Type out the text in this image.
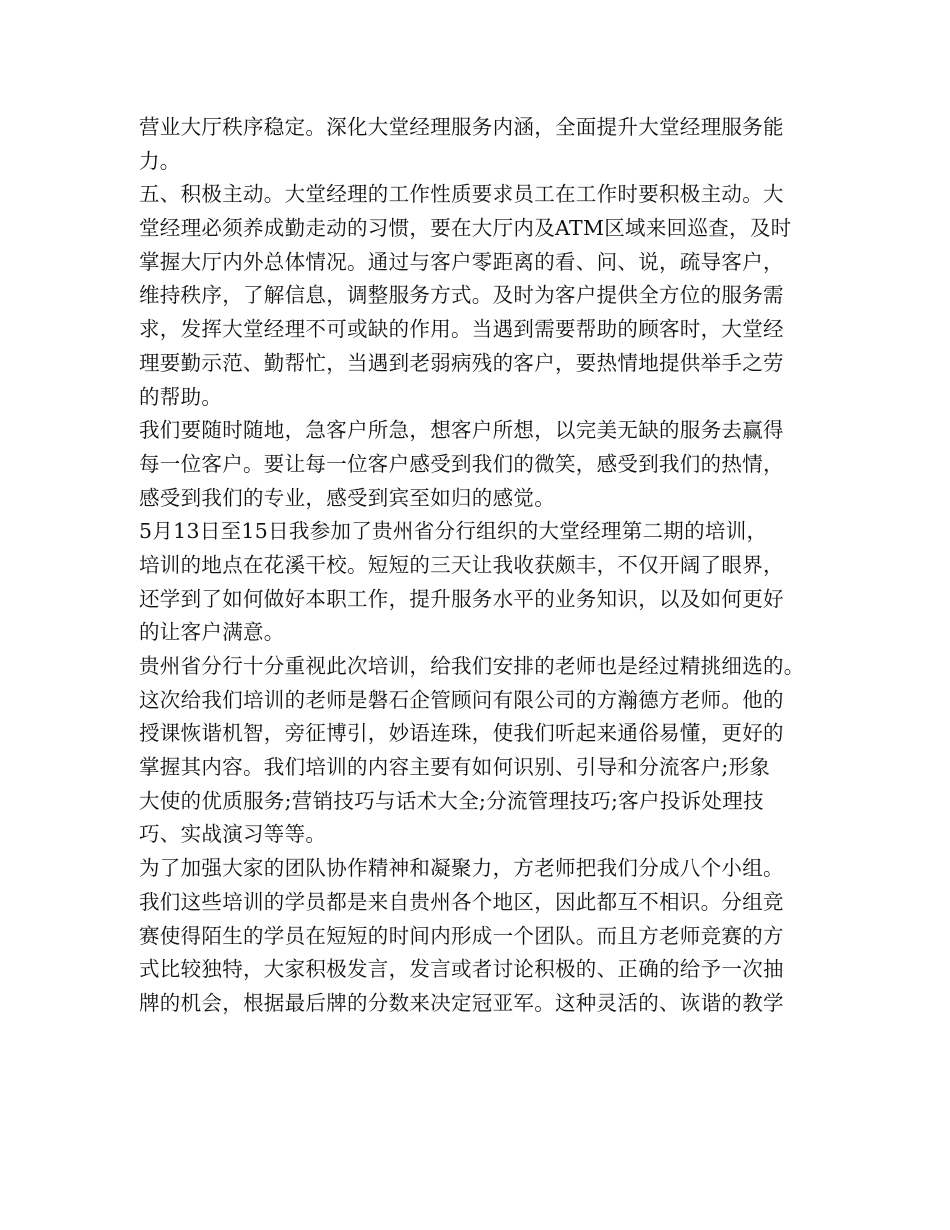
营业大厅秩序稳定。深化大堂经理服务内涵，全面提升大堂经理服务能
力。
五、积极主动。大堂经理的工作性质要求员工在工作时要积极主动。大
堂经理必须养成勤走动的习惯，要在大厅内及ATM区域来回巡查，及时
掌握大厅内外总体情况。通过与客户零距离的看、问、说，疏导客户，
维持秩序，了解信息，调整服务方式。及时为客户提供全方位的服务需
求，发挥大堂经理不可或缺的作用。当遇到需要帮助的顾客时，大堂经
理要勤示范、勤帮忙，当遇到老弱病残的客户，要热情地提供举手之劳
的帮助。
我们要随时随地，急客户所急，想客户所想，以完美无缺的服务去赢得
每一位客户。要让每一位客户感受到我们的微笑，感受到我们的热情，
感受到我们的专业，感受到宾至如归的感觉。
5月13日至15日我参加了贵州省分行组织的大堂经理第二期的培训，
培训的地点在花溪干校。短短的三天让我收获颇丰，不仅开阔了眼界，
还学到了如何做好本职工作，提升服务水平的业务知识，以及如何更好
的让客户满意。
贵州省分行十分重视此次培训，给我们安排的老师也是经过精挑细选的。
这次给我们培训的老师是磐石企管顾问有限公司的方瀚德方老师。他的
授课恢谐机智，旁征博引，妙语连珠，使我们听起来通俗易懂，更好的
掌握其内容。我们培训的内容主要有如何识别、引导和分流客户;形象
大使的优质服务;营销技巧与话术大全;分流管理技巧;客户投诉处理技
巧、实战演习等等。
为了加强大家的团队协作精神和凝聚力，方老师把我们分成八个小组。
我们这些培训的学员都是来自贵州各个地区，因此都互不相识。分组竞
赛使得陌生的学员在短短的时间内形成一个团队。而且方老师竞赛的方
式比较独特，大家积极发言，发言或者讨论积极的、正确的给予一次抽
牌的机会，根据最后牌的分数来决定冠亚军。这种灵活的、诙谐的教学
